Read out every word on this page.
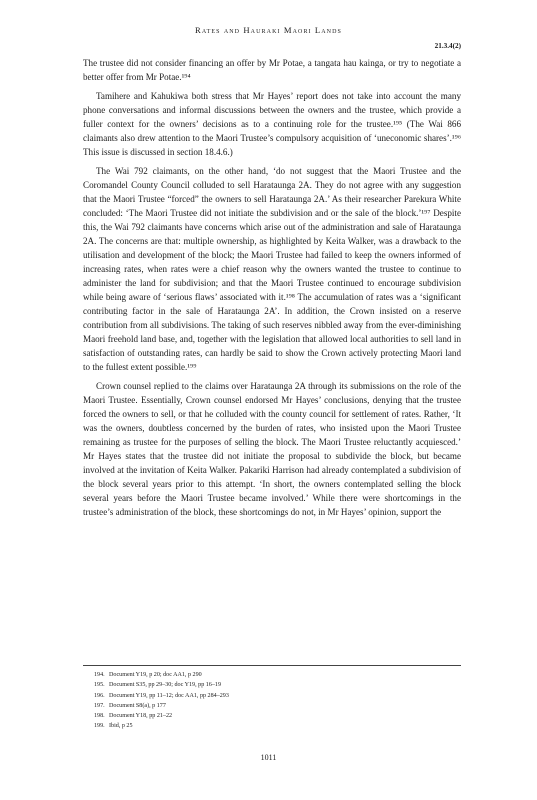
Rates and Hauraki Maori Lands
21.3.4(2)

The trustee did not consider financing an offer by Mr Potae, a tangata hau kainga, or try to negotiate a better offer from Mr Potae.¹⁹⁴

Tamihere and Kahukiwa both stress that Mr Hayes’ report does not take into account the many phone conversations and informal discussions between the owners and the trustee, which provide a fuller context for the owners’ decisions as to a continuing role for the trustee.¹⁹⁵ (The Wai 866 claimants also drew attention to the Maori Trustee’s compulsory acquisition of ‘uneconomic shares’.¹⁹⁶ This issue is discussed in section 18.4.6.)

The Wai 792 claimants, on the other hand, ‘do not suggest that the Maori Trustee and the Coromandel County Council colluded to sell Harataunga 2A. They do not agree with any suggestion that the Maori Trustee “forced” the owners to sell Harataunga 2A.’ As their researcher Parekura White concluded: ‘The Maori Trustee did not initiate the subdivision and or the sale of the block.’¹⁹⁷ Despite this, the Wai 792 claimants have concerns which arise out of the administration and sale of Harataunga 2A. The concerns are that: multiple ownership, as highlighted by Keita Walker, was a drawback to the utilisation and development of the block; the Maori Trustee had failed to keep the owners informed of increasing rates, when rates were a chief reason why the owners wanted the trustee to continue to administer the land for subdivision; and that the Maori Trustee continued to encourage subdivision while being aware of ‘serious flaws’ associated with it.¹⁹⁸ The accumulation of rates was a ‘significant contributing factor in the sale of Harataunga 2A’. In addition, the Crown insisted on a reserve contribution from all subdivisions. The taking of such reserves nibbled away from the ever-diminishing Maori freehold land base, and, together with the legislation that allowed local authorities to sell land in satisfaction of outstanding rates, can hardly be said to show the Crown actively protecting Maori land to the fullest extent possible.¹⁹⁹

Crown counsel replied to the claims over Harataunga 2A through its submissions on the role of the Maori Trustee. Essentially, Crown counsel endorsed Mr Hayes’ conclusions, denying that the trustee forced the owners to sell, or that he colluded with the county council for settlement of rates. Rather, ‘It was the owners, doubtless concerned by the burden of rates, who insisted upon the Maori Trustee remaining as trustee for the purposes of selling the block. The Maori Trustee reluctantly acquiesced.’ Mr Hayes states that the trustee did not initiate the proposal to subdivide the block, but became involved at the invitation of Keita Walker. Pakariki Harrison had already contemplated a subdivision of the block several years prior to this attempt. ‘In short, the owners contemplated selling the block several years before the Maori Trustee became involved.’ While there were shortcomings in the trustee’s administration of the block, these shortcomings do not, in Mr Hayes’ opinion, support the

194. Document Y19, p 20; doc AA1, p 290
195. Document S35, pp 29–30; doc Y19, pp 16–19
196. Document Y19, pp 11–12; doc AA1, pp 284–293
197. Document S8(a), p 177
198. Document Y18, pp 21–22
199. Ibid, p 25
1011
